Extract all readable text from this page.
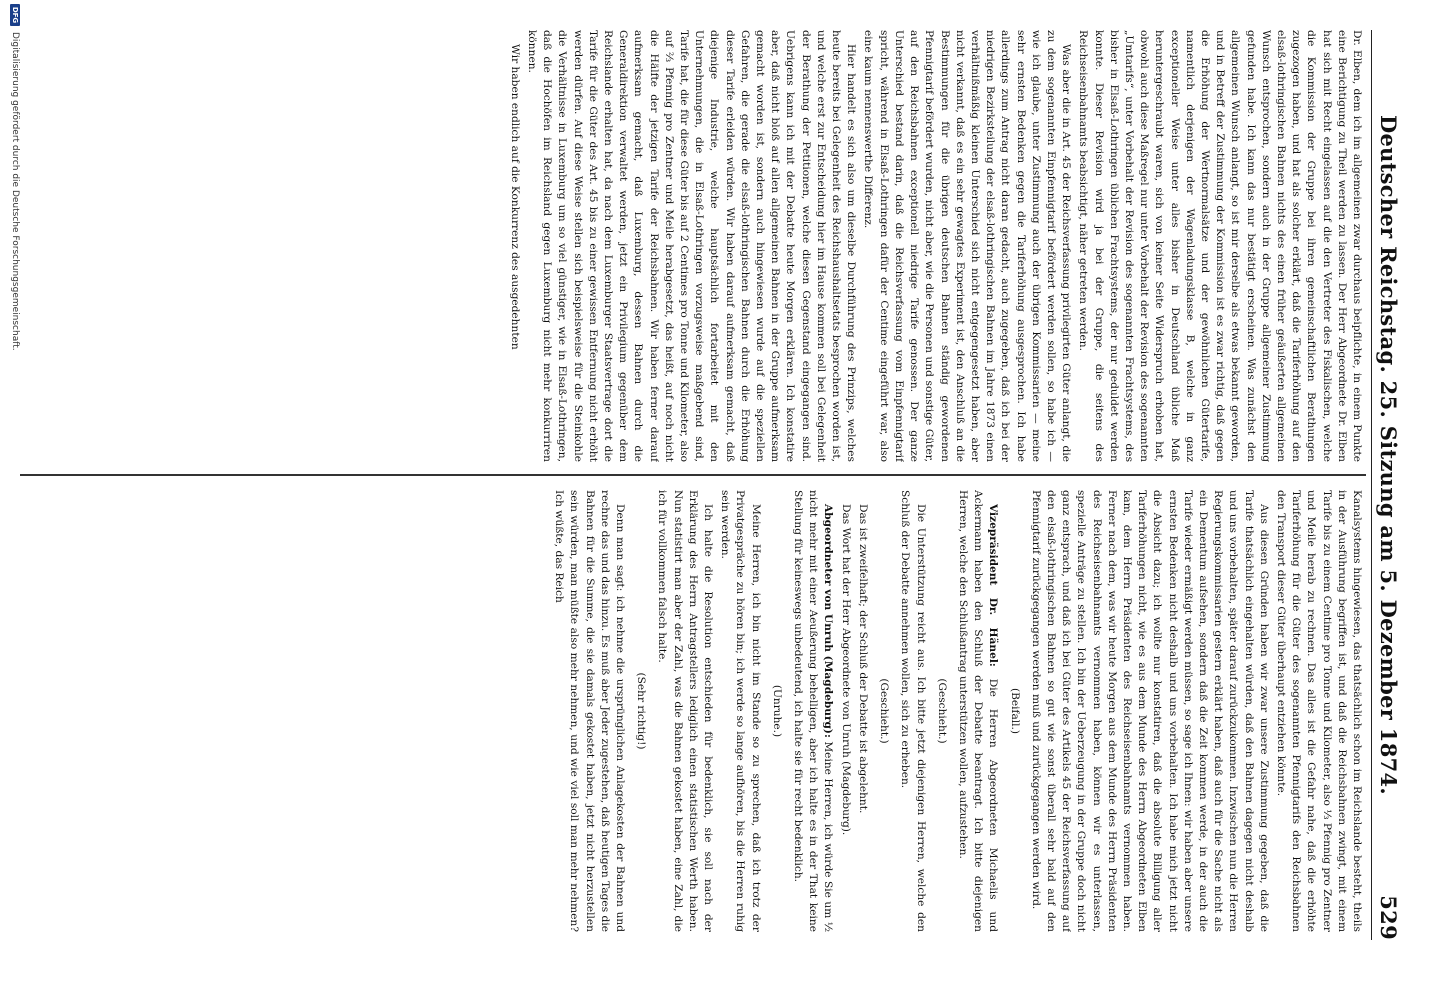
Deutscher Reichstag. 25. Sitzung am 5. Dezember 1874.
529

Dr. Elben, dem ich im allgemeinen zwar durchaus beipflichte, in einem Punkte eine Berichtigung zu Theil werden zu lassen. Der Herr Abgeordnete Dr. Elben hat sich mit Recht eingelassen auf die den Vertreter des Fiskalischen, welche die Kommission der Gruppe bei ihren gemeinschaftlichen Berathungen zugezogen haben, und hat als solcher erklärt, daß die Tariferhöhung auf den elsaß-lothringischen Bahnen nichts des einen früher geäußerten allgemeinen Wunsch entsprochen, sondern auch in der Gruppe allgemeiner Zustimmung gefunden habe. Ich kann das nur bestätigt erscheinen. Was zunächst den allgemeinen Wunsch anlangt, so ist mir derselbe als etwas bekannt geworden, und in Betreff der Zustimmung der Kommission ist es zwar richtig, daß gegen die Erhöhung der Wertnormalsätze und der gewöhnlichen Gütertarife, namentlich derjenigen der Wagenladungsklasse B, welche in ganz exceptioneller Weise unter alles bisher in Deutschland übliche Maß heruntergeschraubt waren, sich von keiner Seite Widerspruch erhoben hat, obwohl auch diese Maßregel nur unter Vorbehalt der Revision des sogenannten „Umtarifs“, unter Vorbehalt der Revision des sogenannten Frachtsystems, des bisher in Elsaß-Lothringen üblichen Frachtsystems, der nur geduldet werden konnte. Dieser Revision wird ja bei der Gruppe, die seitens des Reichseisenbahnamts beabsichtigt, näher getreten werden.

Was aber die in Art. 45 der Reichsverfassung privilegirten Güter anlangt, die zu dem sogenannten Einpfennigtarif befördert werden sollen, so habe ich — wie ich glaube, unter Zustimmung auch der übrigen Kommissarien — meine sehr ernsten Bedenken gegen die Tariferhöhung ausgesprochen. Ich habe allerdings zum Antrag nicht daran gedacht, auch zugegeben, daß ich bei der niedrigen Bezirksteilung der elsaß-lothringischen Bahnen im Jahre 1873 einen verhältnißmäßig kleinen Unterschied sich nicht entgegengesetzt haben, aber nicht verkannt, daß es ein sehr gewagtes Experiment ist, den Anschluß an die Bestimmungen für die übrigen deutschen Bahnen ständig gewordenen Pfennigtarif befördert wurden, nicht aber, wie die Personen und sonstige Güter, auf den Reichsbahnen exceptionell niedrige Tarife genossen. Der ganze Unterschied bestand darin, daß die Reichsverfassung vom Einpfennigtarif spricht, während in Elsaß-Lothringen dafür der Centime eingeführt war, also eine kaum nennenswerthe Differenz.

Hier handelt es sich also um dieselbe Durchführung des Prinzips, welches heute bereits bei Gelegenheit des Reichshaushaltsetats besprochen worden ist, und welche erst zur Entscheidung hier im Hause kommen soll bei Gelegenheit der Berathung der Petitionen, welche diesen Gegenstand eingegangen sind. Uebrigens kann ich mit der Debatte heute Morgen erklären. Ich konstatire aber, daß nicht bloß auf allen allgemeinen Bahnen in der Gruppe aufmerksam gemacht worden ist, sondern auch hingewiesen wurde auf die speziellen Gefahren, die gerade die elsaß-lothringischen Bahnen durch die Erhöhung dieser Tarife erleiden würden. Wir haben darauf aufmerksam gemacht, daß diejenige Industrie, welche hauptsächlich fortarbeitet mit den Unternehmungen, die in Elsaß-Lothringen vorzugsweise maßgebend sind, Tarife hat, die für diese Güter bis auf 2 Centimes pro Tonne und Kilometer, also auf ⅔ Pfennig pro Zentner und Meile herabgesetzt, das heißt, auf noch nicht die Hälfte der jetzigen Tarife der Reichsbahnen. Wir haben ferner darauf aufmerksam gemacht, daß Luxemburg, dessen Bahnen durch die Generaldirektion verwaltet werden, jetzt ein Privilegium gegenüber dem Reichslande erhalten hat, da nach dem Luxemburger Staatsvertrage dort die Tarife für die Güter des Art. 45 bis zu einer gewissen Entfernung nicht erhöht werden dürfen. Auf diese Weise stellen sich beispielsweise für die Steinkohle die Verhältnisse in Luxemburg um so viel günstiger, wie in Elsaß-Lothringen, daß die Hochöfen im Reichsland gegen Luxemburg nicht mehr konkurriren können.

Wir haben endlich auf die Konkurrenz des ausgedehnten

Kanalsystems hingewiesen, das thatsächlich schon im Reichslande besteht, theils in der Ausführung begriffen ist, und daß die Reichsbahnen zwingt, mit einem Tarife bis zu einem Centime pro Tonne und Kilometer, also ⅓ Pfennig pro Zentner und Meile herab zu rechnen. Das alles ist die Gefahr nahe, daß die erhöhte Tariferhöhung für die Güter des sogenannten Pfennigtarifs den Reichsbahnen den Transport dieser Güter überhaupt entziehen könnte.

Aus diesen Gründen haben wir zwar unsere Zustimmung gegeben, daß die Tarife thatsächlich eingehalten würden, daß den Bahnen dagegen nicht deshalb und uns vorbehalten, später darauf zurückzukommen. Inzwischen nun die Herren Regierungskommissarien gestern erklärt haben, daß auch für die Sache nicht als ein Dementum aufsehen, sondern daß die Zeit kommen werde, in der auch die Tarife wieder ermäßigt werden müssen, so sage ich Ihnen: wir haben aber unsere ernsten Bedenken nicht deshalb und uns vorbehalten. Ich habe mich jetzt nicht die Absicht dazu; ich wollte nur konstatiren, daß die absolute Billigung aller Tariferhöhungen nicht, wie es aus dem Munde des Herrn Abgeordneten Elben kam, dem Herrn Präsidenten des Reichseisenbahnamts vernommen haben. Ferner nach dem, was wir heute Morgen aus dem Munde des Herrn Präsidenten des Reichseisenbahnamts vernommen haben, können wir es unterlassen, spezielle Anträge zu stellen. Ich bin der Ueberzeugung in der Gruppe doch nicht ganz entsprach, und daß ich bei Güter des Artikels 45 der Reichsverfassung auf den elsaß-lothringischen Bahnen so gut wie sonst überall sehr bald auf den Pfennigtarif zurückgegangen werden muß und zurückgegangen werden wird.

(Beifall.)

Vizepräsident Dr. Hänel: Die Herren Abgeordneten Michaelis und Ackermann haben den Schluß der Debatte beantragt. Ich bitte diejenigen Herren, welche den Schlußantrag unterstützen wollen, aufzustehen.

(Geschieht.)

Die Unterstützung reicht aus. Ich bitte jetzt diejenigen Herren, welche den Schluß der Debatte annehmen wollen, sich zu erheben.

(Geschieht.)

Das ist zweifelhaft; der Schluß der Debatte ist abgelehnt.

Das Wort hat der Herr Abgeordnete von Unruh (Magdeburg).

Abgeordneter von Unruh (Magdeburg): Meine Herren, ich würde Sie um ½ nicht mehr mit einer Aeußerung behelligen, aber ich halte es in der That keine Stellung für keineswegs unbedeutend, ich halte sie für recht bedenklich.

(Unruhe.)

Meine Herren, ich bin nicht im Stande so zu sprechen, daß ich trotz der Privatgespräche zu hören bin; ich werde so lange aufhören, bis die Herren ruhig sein werden.

Ich halte die Resolution entschieden für bedenklich, sie soll nach der Erklärung des Herrn Antragstellers lediglich einen statistischen Werth haben. Nun statistirt man aber der Zahl, was die Bahnen gekostet haben, eine Zahl, die ich für vollkommen falsch halte.

(Sehr richtig!)

Denn man sagt: ich nehme die ursprünglichen Anlagekosten der Bahnen und rechne das und das hinzu. Es muß aber Jeder zugestehen, daß heutigen Tages die Bahnen für die Summe, die sie damals gekostet haben, jetzt nicht herzustellen sein würden, man müßte also mehr nehmen, und wie viel soll man mehr nehmen? Ich wüßte, das Reich

DFG
Digitalisierung gefördert durch die Deutsche Forschungsgemeinschaft.
